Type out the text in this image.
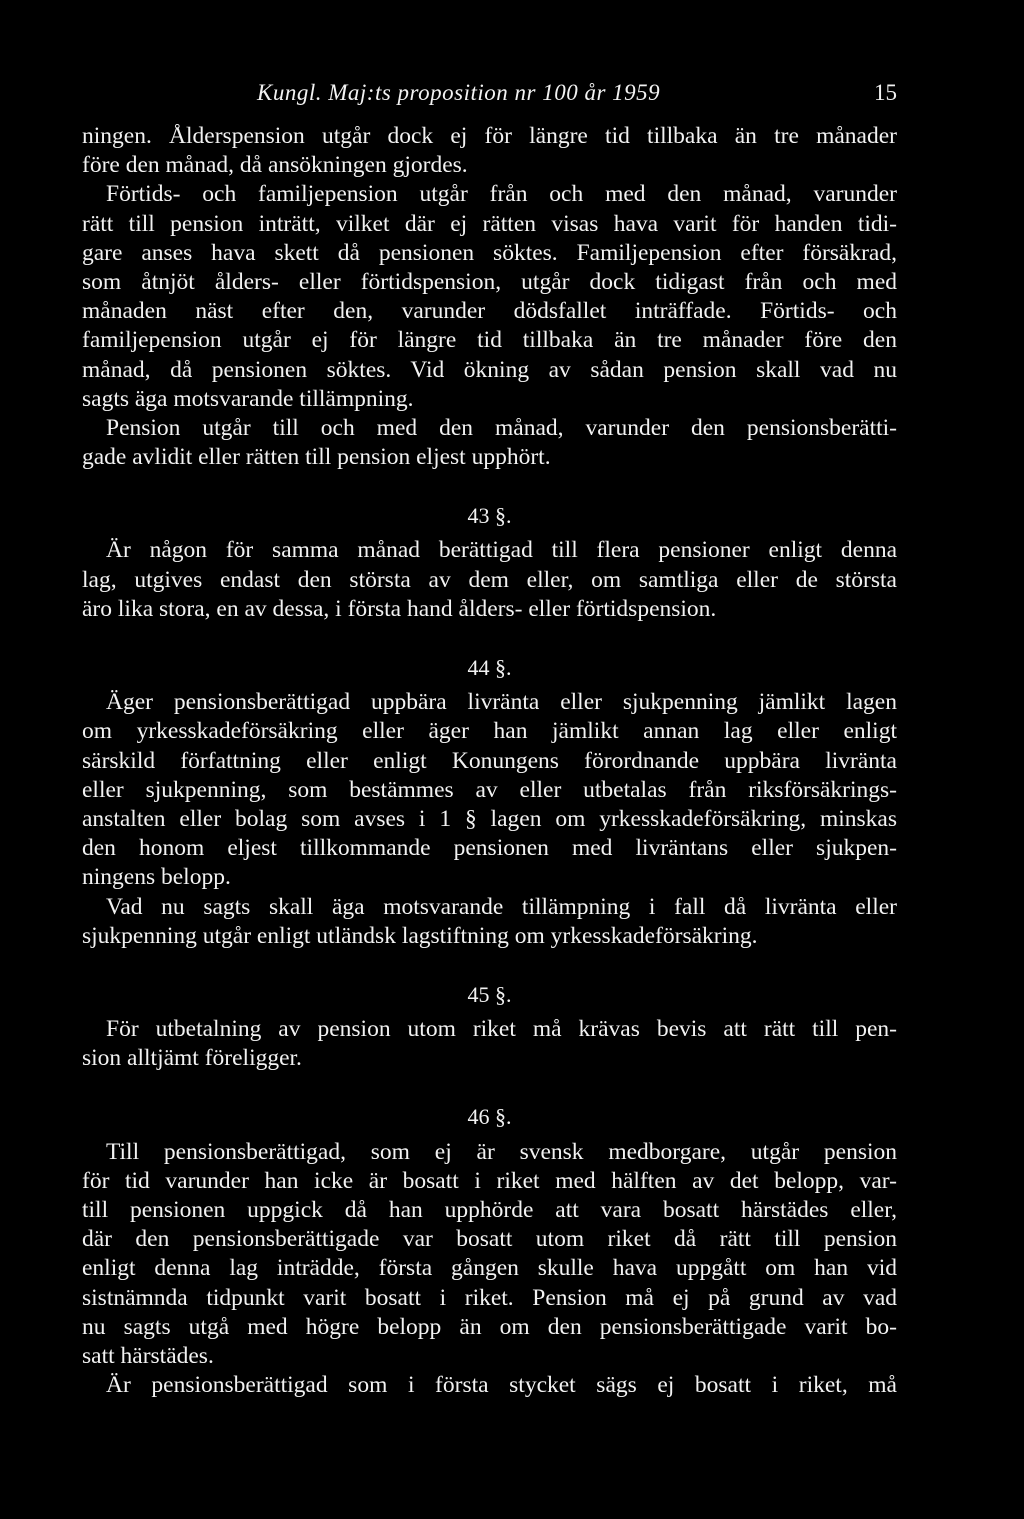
Kungl. Maj:ts proposition nr 100 år 1959	15
ningen. Ålderspension utgår dock ej för längre tid tillbaka än tre månader
före den månad, då ansökningen gjordes.
Förtids- och familjepension utgår från och med den månad, varunder
rätt till pension inträtt, vilket där ej rätten visas hava varit för handen tidi-
gare anses hava skett då pensionen söktes. Familjepension efter försäkrad,
som åtnjöt ålders- eller förtidspension, utgår dock tidigast från och med
månaden näst efter den, varunder dödsfallet inträffade. Förtids- och
familjepension utgår ej för längre tid tillbaka än tre månader före den
månad, då pensionen söktes. Vid ökning av sådan pension skall vad nu
sagts äga motsvarande tillämpning.
Pension utgår till och med den månad, varunder den pensionsberätti-
gade avlidit eller rätten till pension eljest upphört.
43 §.
Är någon för samma månad berättigad till flera pensioner enligt denna
lag, utgives endast den största av dem eller, om samtliga eller de största
äro lika stora, en av dessa, i första hand ålders- eller förtidspension.
44 §.
Äger pensionsberättigad uppbära livränta eller sjukpenning jämlikt lagen
om yrkesskadeförsäkring eller äger han jämlikt annan lag eller enligt
särskild författning eller enligt Konungens förordnande uppbära livränta
eller sjukpenning, som bestämmes av eller utbetalas från riksförsäkrings-
anstalten eller bolag som avses i 1 § lagen om yrkesskadeförsäkring, minskas
den honom eljest tillkommande pensionen med livräntans eller sjukpen-
ningens belopp.
Vad nu sagts skall äga motsvarande tillämpning i fall då livränta eller
sjukpenning utgår enligt utländsk lagstiftning om yrkesskadeförsäkring.
45 §.
För utbetalning av pension utom riket må krävas bevis att rätt till pen-
sion alltjämt föreligger.
46 §.
Till pensionsberättigad, som ej är svensk medborgare, utgår pension
för tid varunder han icke är bosatt i riket med hälften av det belopp, var-
till pensionen uppgick då han upphörde att vara bosatt härstädes eller,
där den pensionsberättigade var bosatt utom riket då rätt till pension
enligt denna lag inträdde, första gången skulle hava uppgått om han vid
sistnämnda tidpunkt varit bosatt i riket. Pension må ej på grund av vad
nu sagts utgå med högre belopp än om den pensionsberättigade varit bo-
satt härstädes.
Är pensionsberättigad som i första stycket sägs ej bosatt i riket, må
